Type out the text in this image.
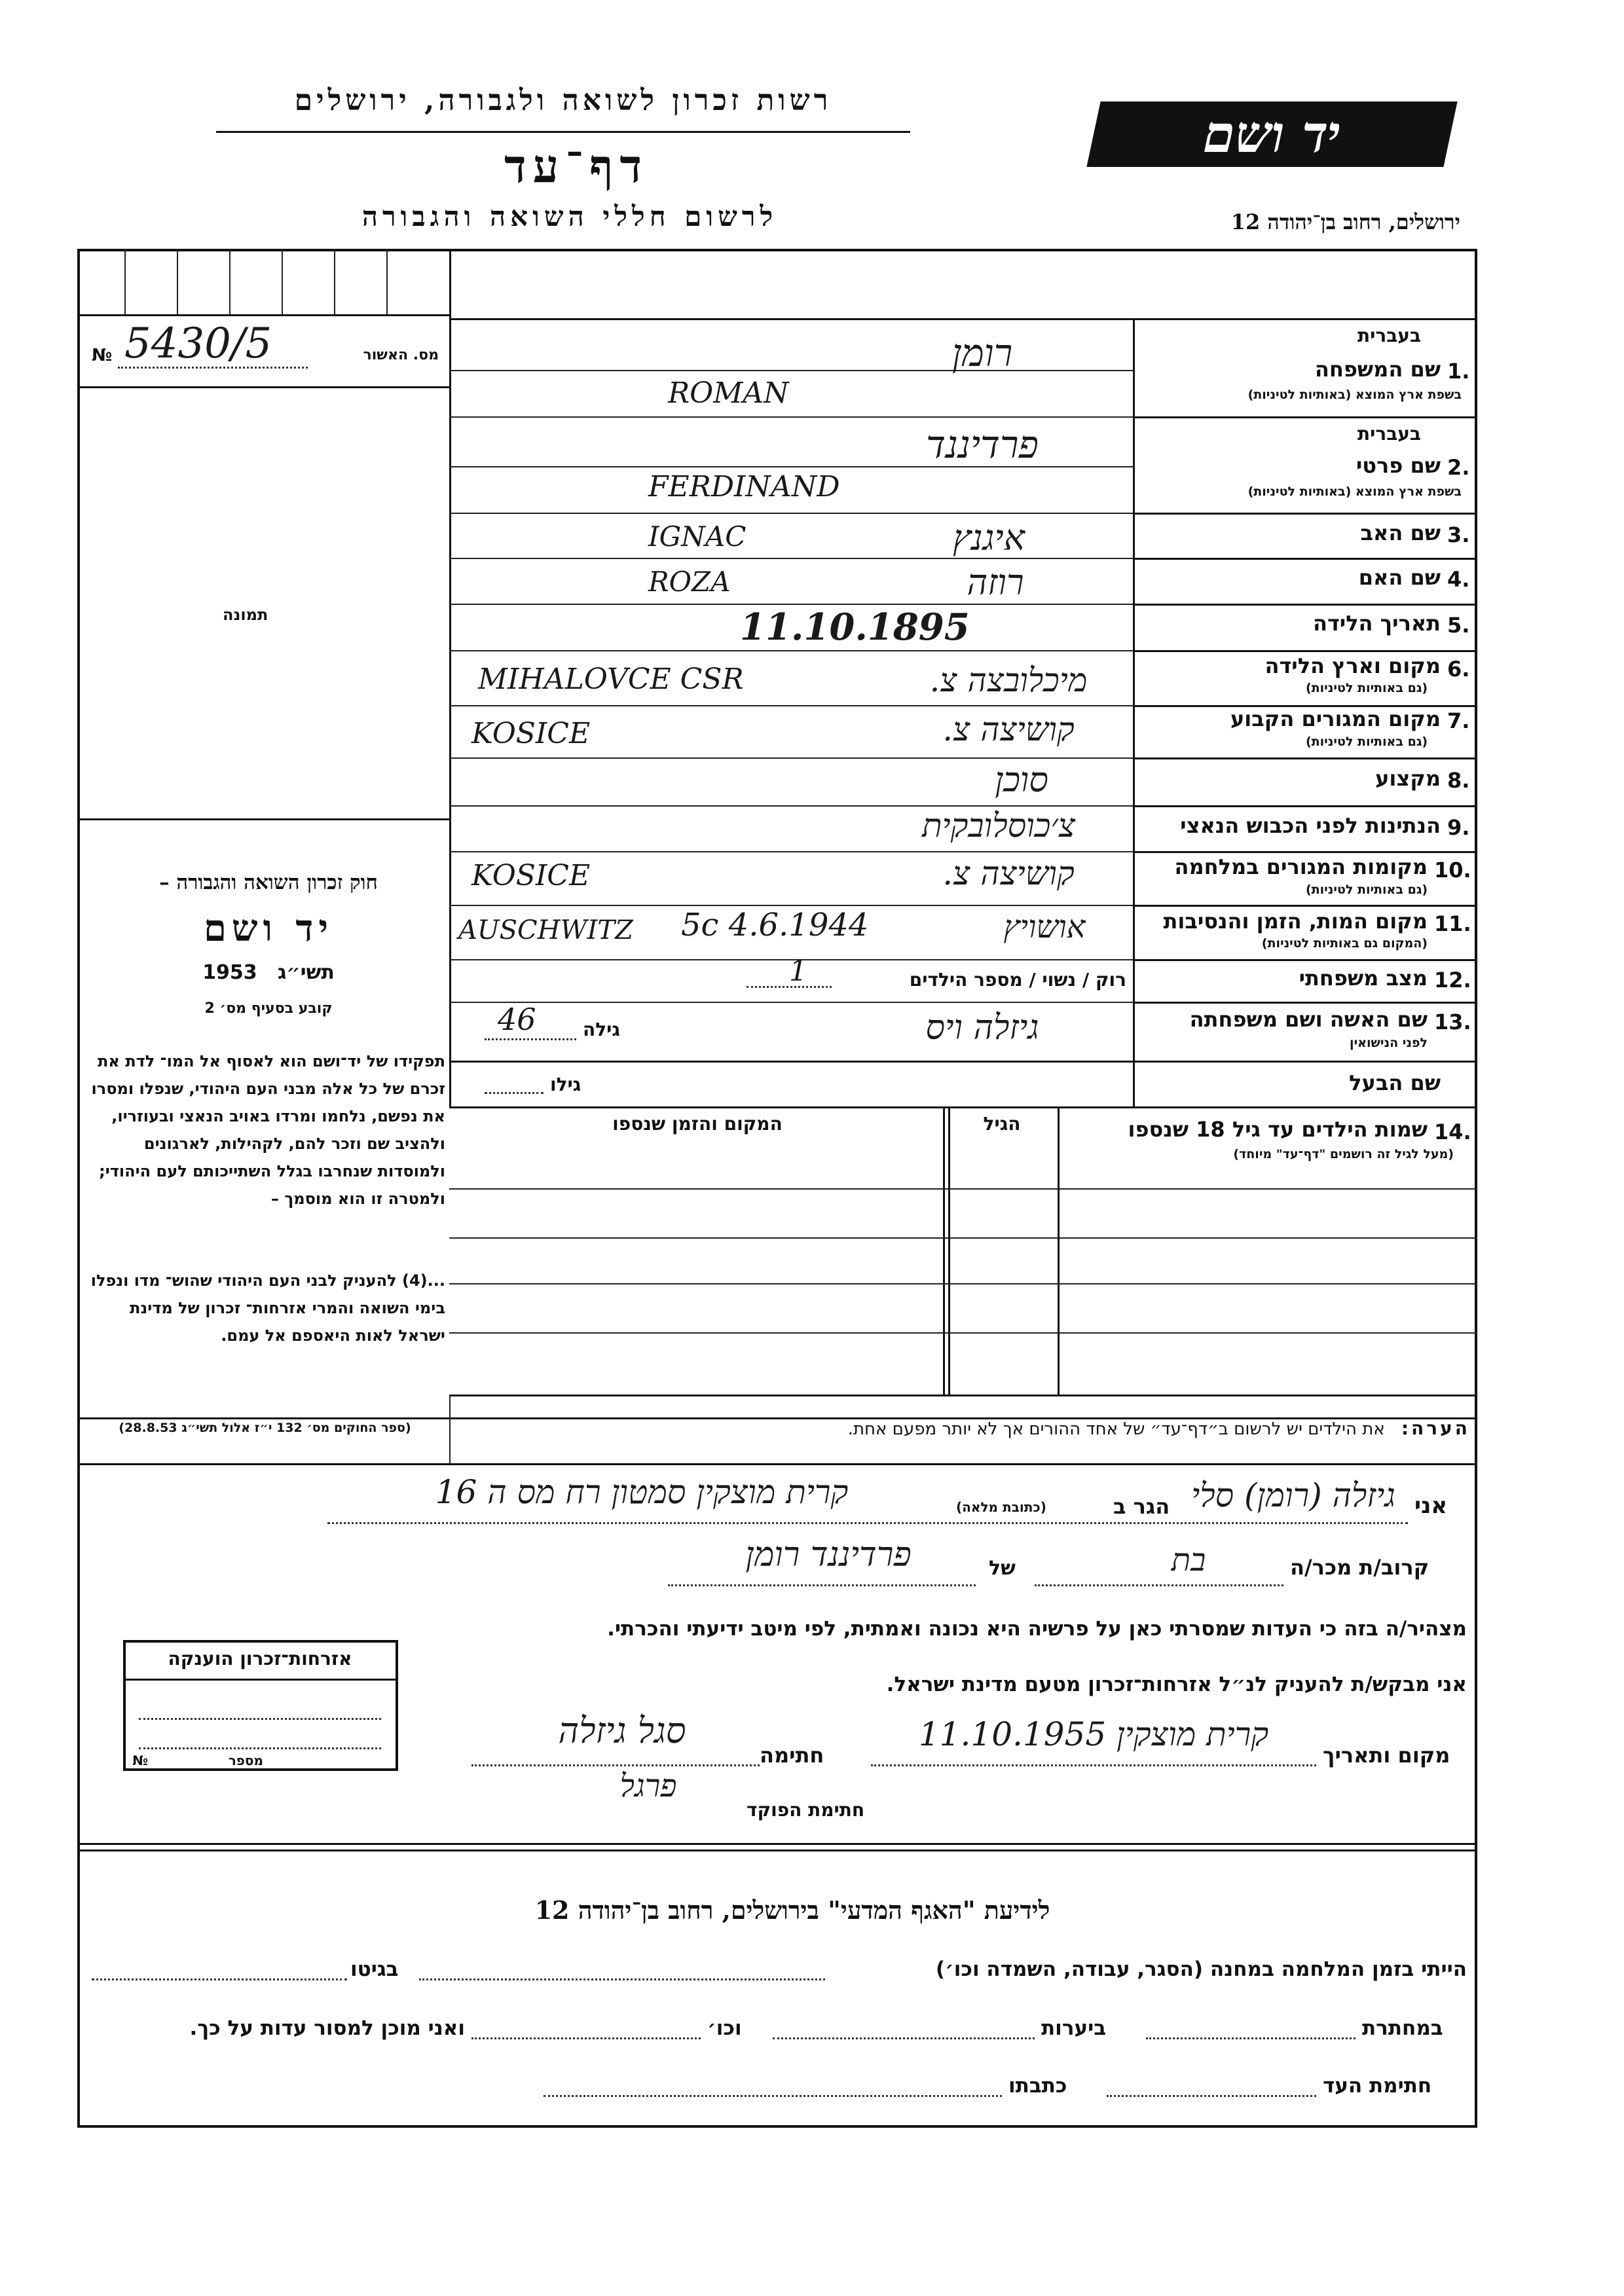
רשות זכרון לשואה ולגבורה, ירושלים
יד ושם
דף־עד
לרשום חללי השואה והגבורה	ירושלים, רחוב בן־יהודה 12
מס. האשור
№ 5430/5
תמונה
חוק זכרון השואה והגבורה –
יד ושם
תשי״ג   1953
קובע בסעיף מס׳ 2
תפקידו של יד־ושם הוא לאסוף אל המו־ לדת את זכרם של כל אלה מבני העם היהודי, שנפלו ומסרו את נפשם, נלחמו ומרדו באויב הנאצי ובעוזריו, ולהציב שם וזכר להם, לקהילות, לארגונים ולמוסדות שנחרבו בגלל השתייכותם לעם היהודי; ולמטרה זו הוא מוסמך –
...(4) להעניק לבני העם היהודי שהוש־ מדו ונפלו בימי השואה והמרי אזרחות־ זכרון של מדינת ישראל לאות היאספם אל עמם.
(ספר החוקים מס׳ 132 י״ז אלול תשי״ג 28.8.53)
בעברית
1.
שם המשפחה
בשפת ארץ המוצא (באותיות לטיניות)
רומן
ROMAN
בעברית
2.
שם פרטי
בשפת ארץ המוצא (באותיות לטיניות)
פרדיננד
FERDINAND
3.
שם האב
איגנץ
IGNAC
4.
שם האם
רוזה
ROZA
5.
תאריך הלידה
11.10.1895
6.
מקום וארץ הלידה
(גם באותיות לטיניות)
מיכלובצה צ.
MIHALOVCE CSR
7.
מקום המגורים הקבוע
(גם באותיות לטיניות)
קושיצה צ.
KOSICE
8.
מקצוע
סוכן
9.
הנתינות לפני הכבוש הנאצי
צ׳כוסלובקית
10.
מקומות המגורים במלחמה
(גם באותיות לטיניות)
קושיצה צ.
KOSICE
11.
מקום המות, הזמן והנסיבות
(המקום גם באותיות לטיניות)
אושויץ
5c 4.6.1944
AUSCHWITZ
12.
מצב משפחתי
רוק / נשוי / מספר הילדים
1
13.
שם האשה ושם משפחתה
לפני הנישואין
גיזלה ויס
גילה
46
שם הבעל
גילו
14.
שמות הילדים עד גיל 18 שנספו
(מעל לגיל זה רושמים "דף־עד" מיוחד)
הגיל
המקום והזמן שנספו
הערה: את הילדים יש לרשום ב״דף־עד״ של אחד ההורים אך לא יותר מפעם אחת.
אני
גיזלה (רומן) סלי
הגר ב
(כתובת מלאה)
קרית מוצקין סמטון רח מס ה 16
קרוב/ת מכר/ה
בת
של
פרדיננד רומן
מצהיר/ה בזה כי העדות שמסרתי כאן על פרשיה היא נכונה ואמתית, לפי מיטב ידיעתי והכרתי.
אני מבקש/ת להעניק לנ״ל אזרחות־זכרון מטעם מדינת ישראל.
מקום ותאריך
קרית מוצקין 11.10.1955
חתימה
סגל גיזלה
חתימת הפוקד
פרגל
אזרחות־זכרון הוענקה
№	מספר
לידיעת "האגף המדעי" בירושלים, רחוב בן־יהודה 12
הייתי בזמן המלחמה במחנה (הסגר, עבודה, השמדה וכו׳)
בגיטו
במחתרת
ביערות
וכו׳
ואני מוכן למסור עדות על כך.
חתימת העד
כתבתו
